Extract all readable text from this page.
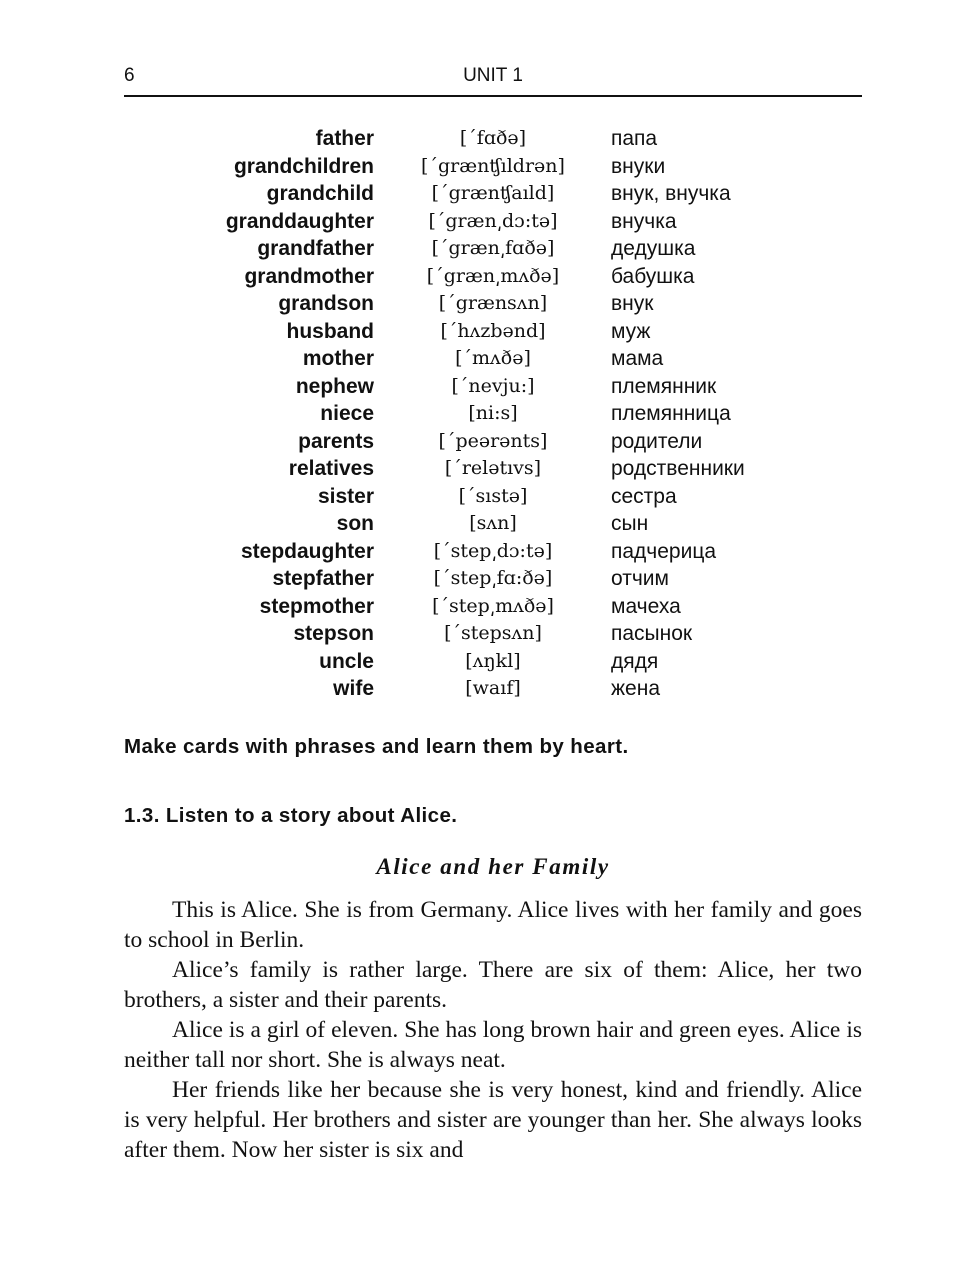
6	UNIT 1
father	[΄fɑðə]	папа
grandchildren	[΄grænʧıldrən]	внуки
grandchild	[΄grænʧaıld]	внук, внучка
granddaughter	[΄græn͵dɔ:tə]	внучка
grandfather	[΄græn͵fɑðə]	дедушка
grandmother	[΄græn͵mʌðə]	бабушка
grandson	[΄grænsʌn]	внук
husband	[΄hʌzbənd]	муж
mother	[΄mʌðə]	мама
nephew	[΄nevju:]	племянник
niece	[ni:s]	племянница
parents	[΄peərənts]	родители
relatives	[΄relətıvs]	родственники
sister	[΄sıstə]	сестра
son	[sʌn]	сын
stepdaughter	[΄step͵dɔ:tə]	падчерица
stepfather	[΄step͵fɑ:ðə]	отчим
stepmother	[΄step͵mʌðə]	мачеха
stepson	[΄stepsʌn]	пасынок
uncle	[ʌŋkl]	дядя
wife	[waıf]	жена
Make cards with phrases and learn them by heart.
1.3. Listen to a story about Alice.
Alice and her Family

This is Alice. She is from Germany. Alice lives with her family and goes to school in Berlin.

Alice’s family is rather large. There are six of them: Alice, her two brothers, a sister and their parents.

Alice is a girl of eleven. She has long brown hair and green eyes. Alice is neither tall nor short. She is always neat.

Her friends like her because she is very honest, kind and friendly. Alice is very helpful. Her brothers and sister are younger than her. She always looks after them. Now her sister is six and
